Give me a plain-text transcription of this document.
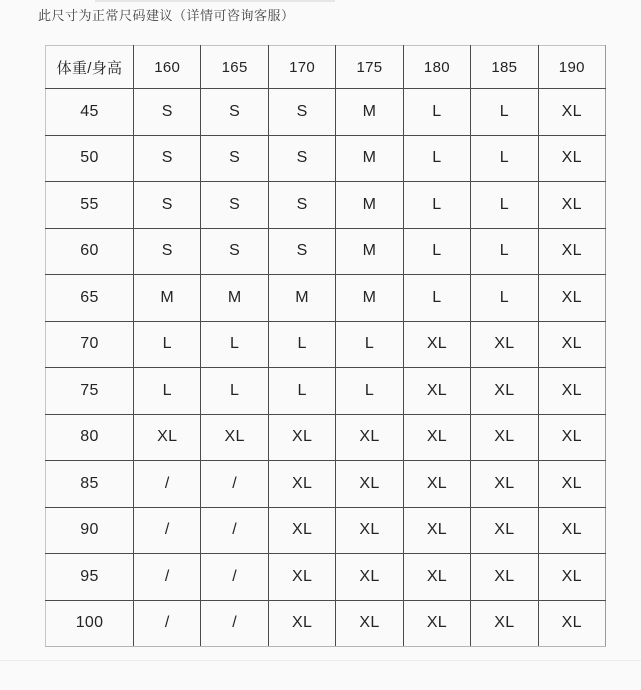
此尺寸为正常尺码建议（详情可咨询客服）

体重/身高	160	165	170	175	180	185	190
45	S	S	S	M	L	L	XL
50	S	S	S	M	L	L	XL
55	S	S	S	M	L	L	XL
60	S	S	S	M	L	L	XL
65	M	M	M	M	L	L	XL
70	L	L	L	L	XL	XL	XL
75	L	L	L	L	XL	XL	XL
80	XL	XL	XL	XL	XL	XL	XL
85	/	/	XL	XL	XL	XL	XL
90	/	/	XL	XL	XL	XL	XL
95	/	/	XL	XL	XL	XL	XL
100	/	/	XL	XL	XL	XL	XL
